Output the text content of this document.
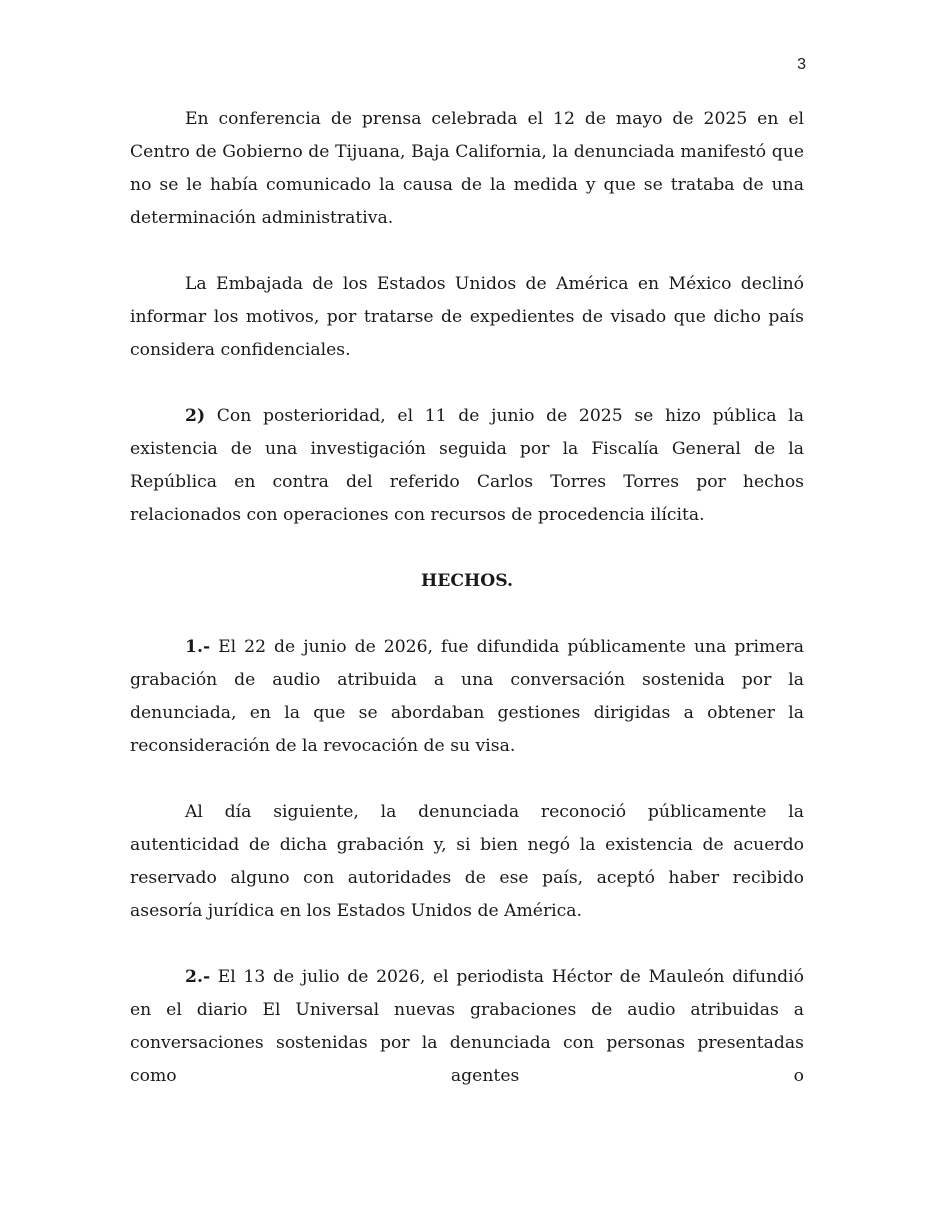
3

En conferencia de prensa celebrada el 12 de mayo de 2025 en el Centro de Gobierno de Tijuana, Baja California, la denunciada manifestó que no se le había comunicado la causa de la medida y que se trataba de una determinación administrativa.

La Embajada de los Estados Unidos de América en México declinó informar los motivos, por tratarse de expedientes de visado que dicho país considera confidenciales.

2) Con posterioridad, el 11 de junio de 2025 se hizo pública la existencia de una investigación seguida por la Fiscalía General de la República en contra del referido Carlos Torres Torres por hechos relacionados con operaciones con recursos de procedencia ilícita.

HECHOS.

1.- El 22 de junio de 2026, fue difundida públicamente una primera grabación de audio atribuida a una conversación sostenida por la denunciada, en la que se abordaban gestiones dirigidas a obtener la reconsideración de la revocación de su visa.

Al día siguiente, la denunciada reconoció públicamente la autenticidad de dicha grabación y, si bien negó la existencia de acuerdo reservado alguno con autoridades de ese país, aceptó haber recibido asesoría jurídica en los Estados Unidos de América.

2.- El 13 de julio de 2026, el periodista Héctor de Mauleón difundió en el diario El Universal nuevas grabaciones de audio atribuidas a conversaciones sostenidas por la denunciada con personas presentadas como agentes o
